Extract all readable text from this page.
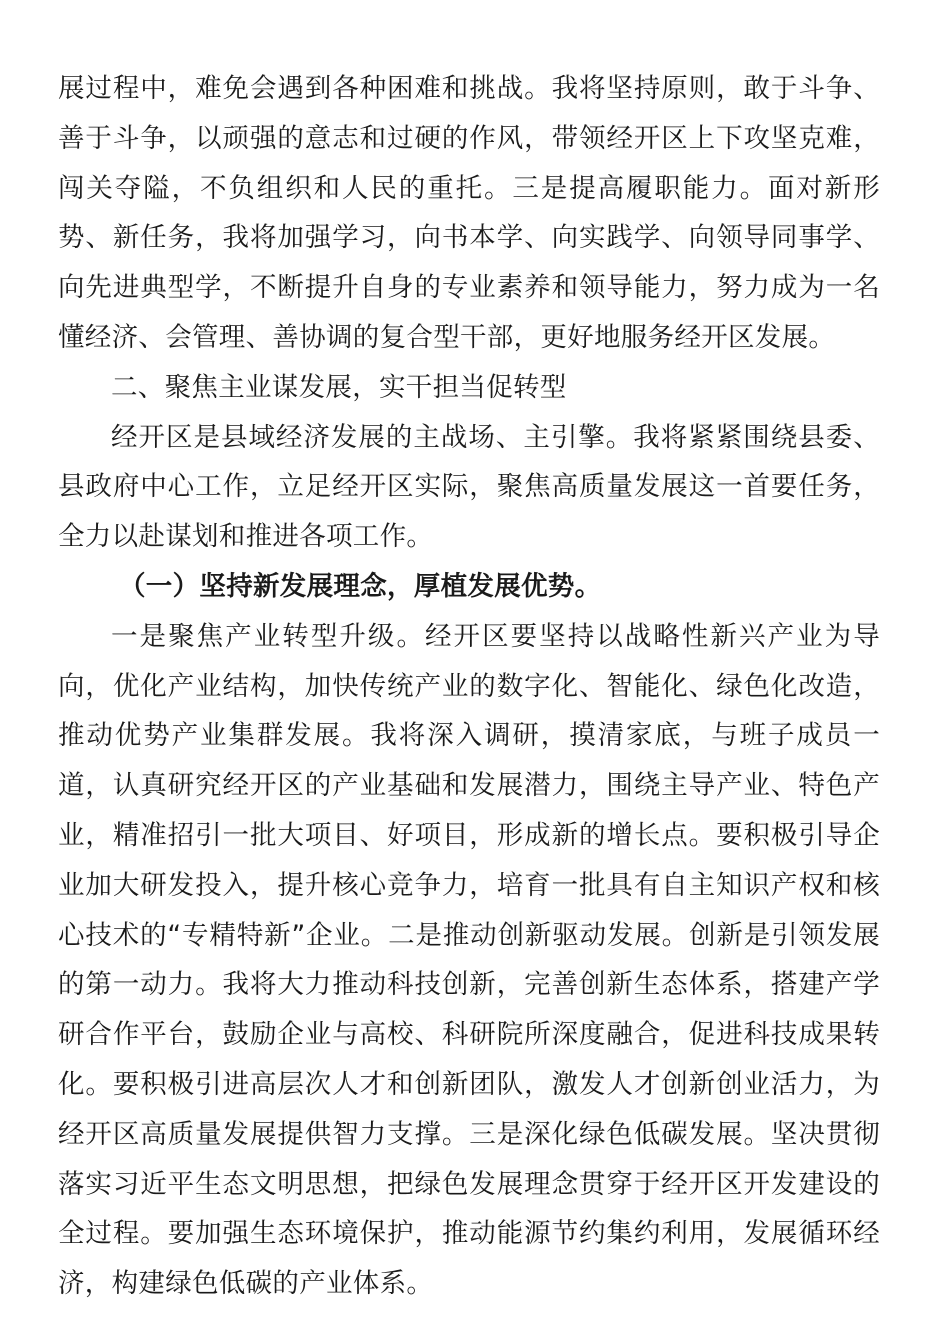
展过程中，难免会遇到各种困难和挑战。我将坚持原则，敢于斗争、善于斗争，以顽强的意志和过硬的作风，带领经开区上下攻坚克难，闯关夺隘，不负组织和人民的重托。三是提高履职能力。面对新形势、新任务，我将加强学习，向书本学、向实践学、向领导同事学、向先进典型学，不断提升自身的专业素养和领导能力，努力成为一名懂经济、会管理、善协调的复合型干部，更好地服务经开区发展。

二、聚焦主业谋发展，实干担当促转型

经开区是县域经济发展的主战场、主引擎。我将紧紧围绕县委、县政府中心工作，立足经开区实际，聚焦高质量发展这一首要任务，全力以赴谋划和推进各项工作。

（一）坚持新发展理念，厚植发展优势。

一是聚焦产业转型升级。经开区要坚持以战略性新兴产业为导向，优化产业结构，加快传统产业的数字化、智能化、绿色化改造，推动优势产业集群发展。我将深入调研，摸清家底，与班子成员一道，认真研究经开区的产业基础和发展潜力，围绕主导产业、特色产业，精准招引一批大项目、好项目，形成新的增长点。要积极引导企业加大研发投入，提升核心竞争力，培育一批具有自主知识产权和核心技术的“专精特新”企业。二是推动创新驱动发展。创新是引领发展的第一动力。我将大力推动科技创新，完善创新生态体系，搭建产学研合作平台，鼓励企业与高校、科研院所深度融合，促进科技成果转化。要积极引进高层次人才和创新团队，激发人才创新创业活力，为经开区高质量发展提供智力支撑。三是深化绿色低碳发展。坚决贯彻落实习近平生态文明思想，把绿色发展理念贯穿于经开区开发建设的全过程。要加强生态环境保护，推动能源节约集约利用，发展循环经济，构建绿色低碳的产业体系。
